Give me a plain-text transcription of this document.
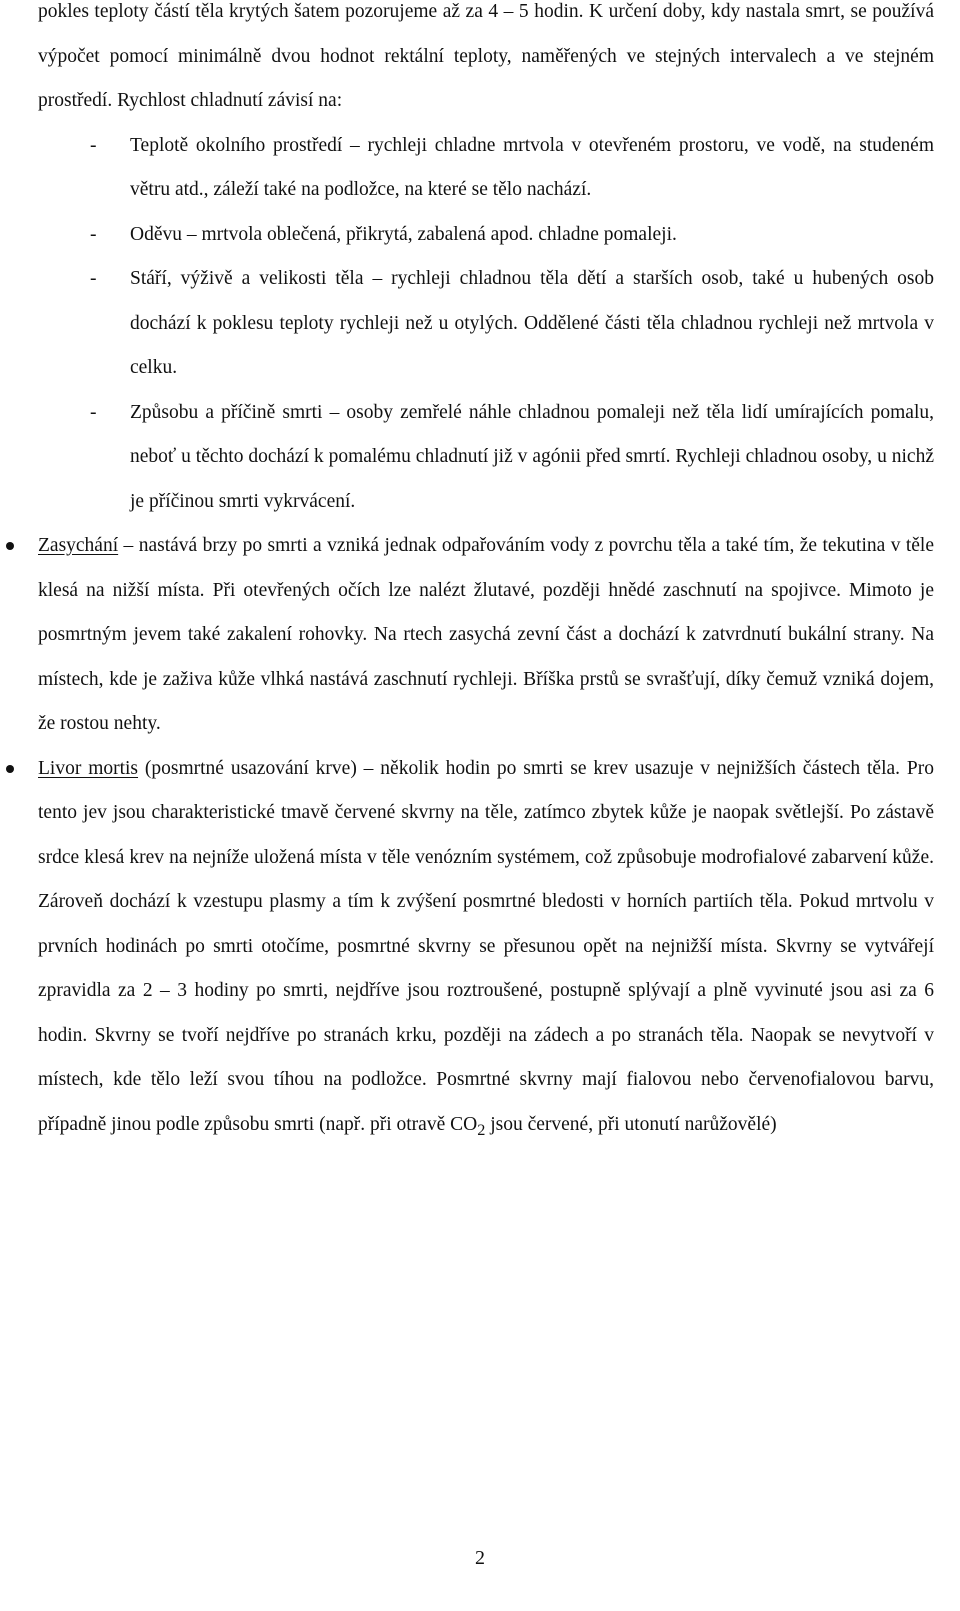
pokles teploty částí těla krytých šatem pozorujeme až za 4 – 5 hodin. K určení doby, kdy nastala smrt, se používá výpočet pomocí minimálně dvou hodnot rektální teploty, naměřených ve stejných intervalech a ve stejném prostředí. Rychlost chladnutí závisí na:

- Teplotě okolního prostředí – rychleji chladne mrtvola v otevřeném prostoru, ve vodě, na studeném větru atd., záleží také na podložce, na které se tělo nachází.
- Oděvu – mrtvola oblečená, přikrytá, zabalená apod. chladne pomaleji.
- Stáří, výživě a velikosti těla – rychleji chladnou těla dětí a starších osob, také u hubených osob dochází k poklesu teploty rychleji než u otylých. Oddělené části těla chladnou rychleji než mrtvola v celku.
- Způsobu a příčině smrti – osoby zemřelé náhle chladnou pomaleji než těla lidí umírajících pomalu, neboť u těchto dochází k pomalému chladnutí již v agónii před smrtí. Rychleji chladnou osoby, u nichž je příčinou smrti vykrvácení.

Zasychání – nastává brzy po smrti a vzniká jednak odpařováním vody z povrchu těla a také tím, že tekutina v těle klesá na nižší místa. Při otevřených očích lze nalézt žlutavé, později hnědé zaschnutí na spojivce. Mimoto je posmrtným jevem také zakalení rohovky. Na rtech zasychá zevní část a dochází k zatvrdnutí bukální strany. Na místech, kde je zaživa kůže vlhká nastává zaschnutí rychleji. Bříška prstů se svrašťují, díky čemuž vzniká dojem, že rostou nehty.

Livor mortis (posmrtné usazování krve) – několik hodin po smrti se krev usazuje v nejnižších částech těla. Pro tento jev jsou charakteristické tmavě červené skvrny na těle, zatímco zbytek kůže je naopak světlejší. Po zástavě srdce klesá krev na nejníže uložená místa v těle venózním systémem, což způsobuje modrofialové zabarvení kůže. Zároveň dochází k vzestupu plasmy a tím k zvýšení posmrtné bledosti v horních partiích těla. Pokud mrtvolu v prvních hodinách po smrti otočíme, posmrtné skvrny se přesunou opět na nejnižší místa. Skvrny se vytvářejí zpravidla za 2 – 3 hodiny po smrti, nejdříve jsou roztroušené, postupně splývají a plně vyvinuté jsou asi za 6 hodin. Skvrny se tvoří nejdříve po stranách krku, později na zádech a po stranách těla. Naopak se nevytvoří v místech, kde tělo leží svou tíhou na podložce. Posmrtné skvrny mají fialovou nebo červenofialovou barvu, případně jinou podle způsobu smrti (např. při otravě $CO_2$ jsou červené, při utonutí narůžovělé)

2
